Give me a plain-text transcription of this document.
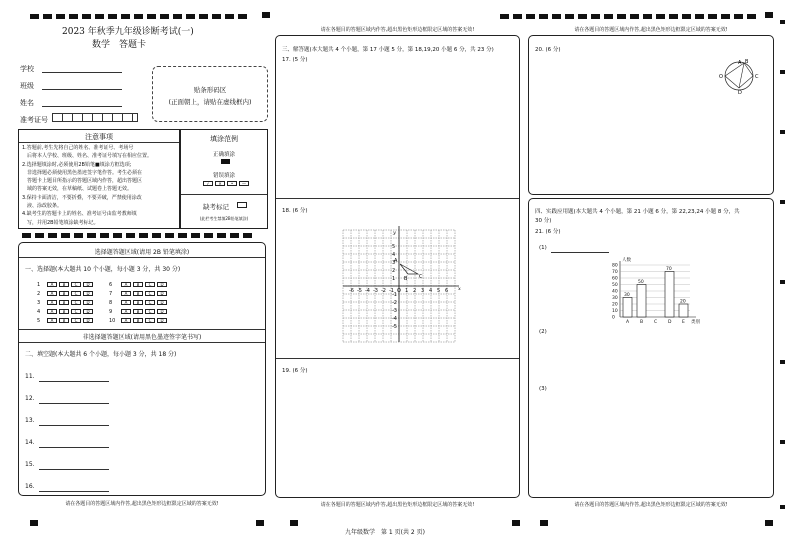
2023 年秋季九年级诊断考试(一)
数学　答题卡
学校
班级
姓名
准考证号
贴条形码区
(正面朝上，请贴在虚线框内)
注意事项
1.答题前,考生先将自己的姓名、准考证号、考场号
　后将本人学校、班级、姓名、准考证号填写在相应位置。
2.选择题填涂时,必须使用2B铅笔■填涂方框选项;
　非选择题必须使用黑色墨迹签字笔作答。考生必须在
　答题卡上题目所指示的答题区域内作答，超出答题区
　域的答案无效，在草稿纸、试题卷上答题无效。
3.保持卡面清洁，不要折叠，不要弄破，严禁使用涂改
　液、涂改胶条。
4.缺考生的答题卡上的姓名、准考证号由监考教师填
　写，并用2B铅笔填涂缺考标记。
填涂范例
正确填涂
错误填涂
✓ ✕ • —
缺考标记
(此栏考生禁填2B铅笔填涂)
选择题答题区域(请用 2B 铅笔填涂)
一、选择题(本大题共 10 个小题，每小题 3 分，共 30 分)
1	A B C D
2	A B C D
3	A B C D
4	A B C D
5	A B C D
6	A B C D
7	A B C D
8	A B C D
9	A B C D
10 A B C D
非选择题答题区域(请用黑色墨迹签字笔书写)
二、填空题(本大题共 6 个小题，每小题 3 分，共 18 分)
11.
12.
13.
14.
15.
16.
请在各题目的答题区域内作答,超出黑色矩形边框限定区域的答案无效!
请在各题目的答题区域内作答,超出黑色矩形边框限定区域的答案无效!
三、解答题(本大题共 4 个小题，第 17 小题 5 分，第 18,19,20 小题 6 分，共 23 分)
17. (5 分)
18. (6 分)
-6 -5 -4 -3 -2 -1 O 1 2 3 4 5 6
5
4
3
2
1
-1
-2
-3
-4
-5
A
B C
x
y
19. (6 分)
请在各题目的答题区域内作答,超出黑色矩形边框限定区域的答案无效!
请在各题目的答题区域内作答,超出黑色矩形边框限定区域的答案无效!
20. (6 分)
A B
C
D
O
四、实践应用题(本大题共 4 个小题，第 21 小题 6 分，第 22,23,24 小题 8 分，共
30 分)
21. (6 分)
(1)
0
10
20
30
40
50
60
70
80
30
A
50
B C
70
D
20
E 类别
人数
(2)
(3)
请在各题目的答题区域内作答,超出黑色矩形边框限定区域的答案无效!
九年级数学　第 1 页(共 2 页)
